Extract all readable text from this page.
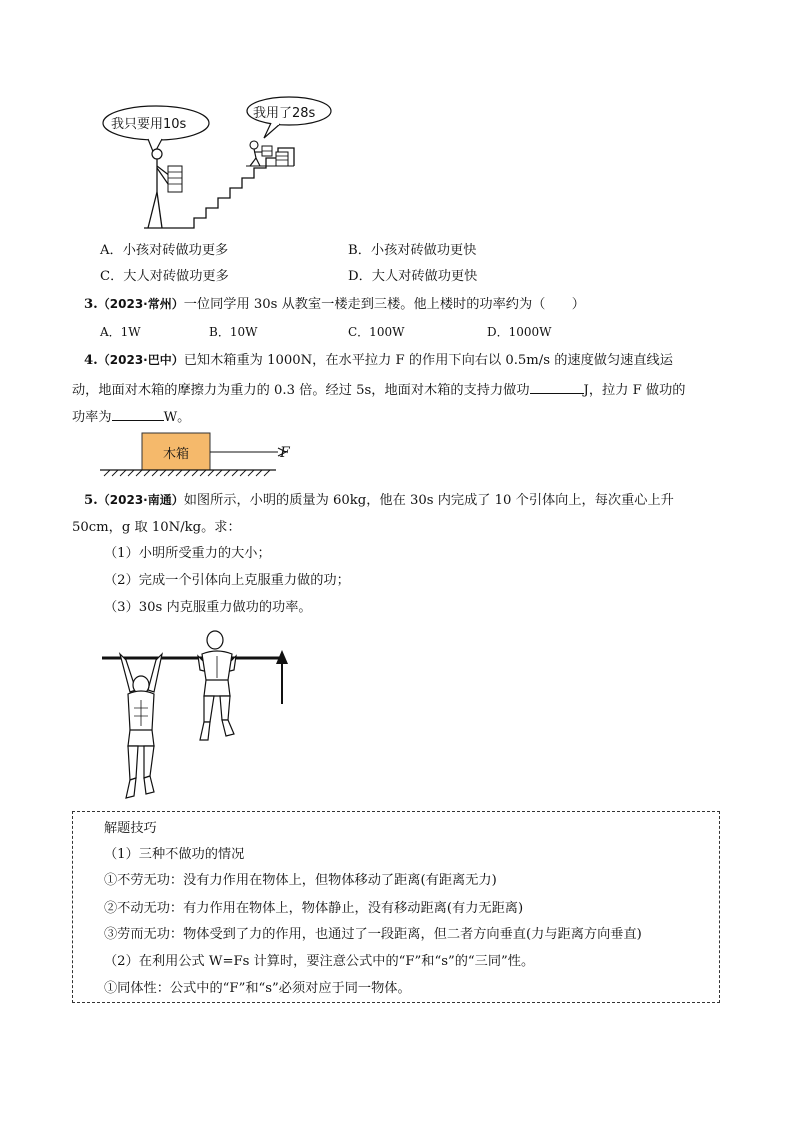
我只要用10s
我用了28s
A．小孩对砖做功更多	B．小孩对砖做功更快
C．大人对砖做功更多	D．大人对砖做功更快
3.（2023·常州）一位同学用 30s 从教室一楼走到三楼。他上楼时的功率约为（　　）
A．1W	B．10W	C．100W	D．1000W
4.（2023·巴中）已知木箱重为 1000N，在水平拉力 F 的作用下向右以 0.5m/s 的速度做匀速直线运
动，地面对木箱的摩擦力为重力的 0.3 倍。经过 5s，地面对木箱的支持力做功	J，拉力 F 做功的
功率为	W。
木箱	F
5.（2023·南通）如图所示，小明的质量为 60kg，他在 30s 内完成了 10 个引体向上，每次重心上升
50cm，g 取 10N/kg。求：
（1）小明所受重力的大小；
（2）完成一个引体向上克服重力做的功；
（3）30s 内克服重力做功的功率。
解题技巧
（1）三种不做功的情况
①不劳无功：没有力作用在物体上，但物体移动了距离(有距离无力)
②不动无功：有力作用在物体上，物体静止，没有移动距离(有力无距离)
③劳而无功：物体受到了力的作用，也通过了一段距离，但二者方向垂直(力与距离方向垂直)
（2）在利用公式 W=Fs 计算时，要注意公式中的“F”和“s”的“三同”性。
①同体性：公式中的“F”和“s”必须对应于同一物体。
